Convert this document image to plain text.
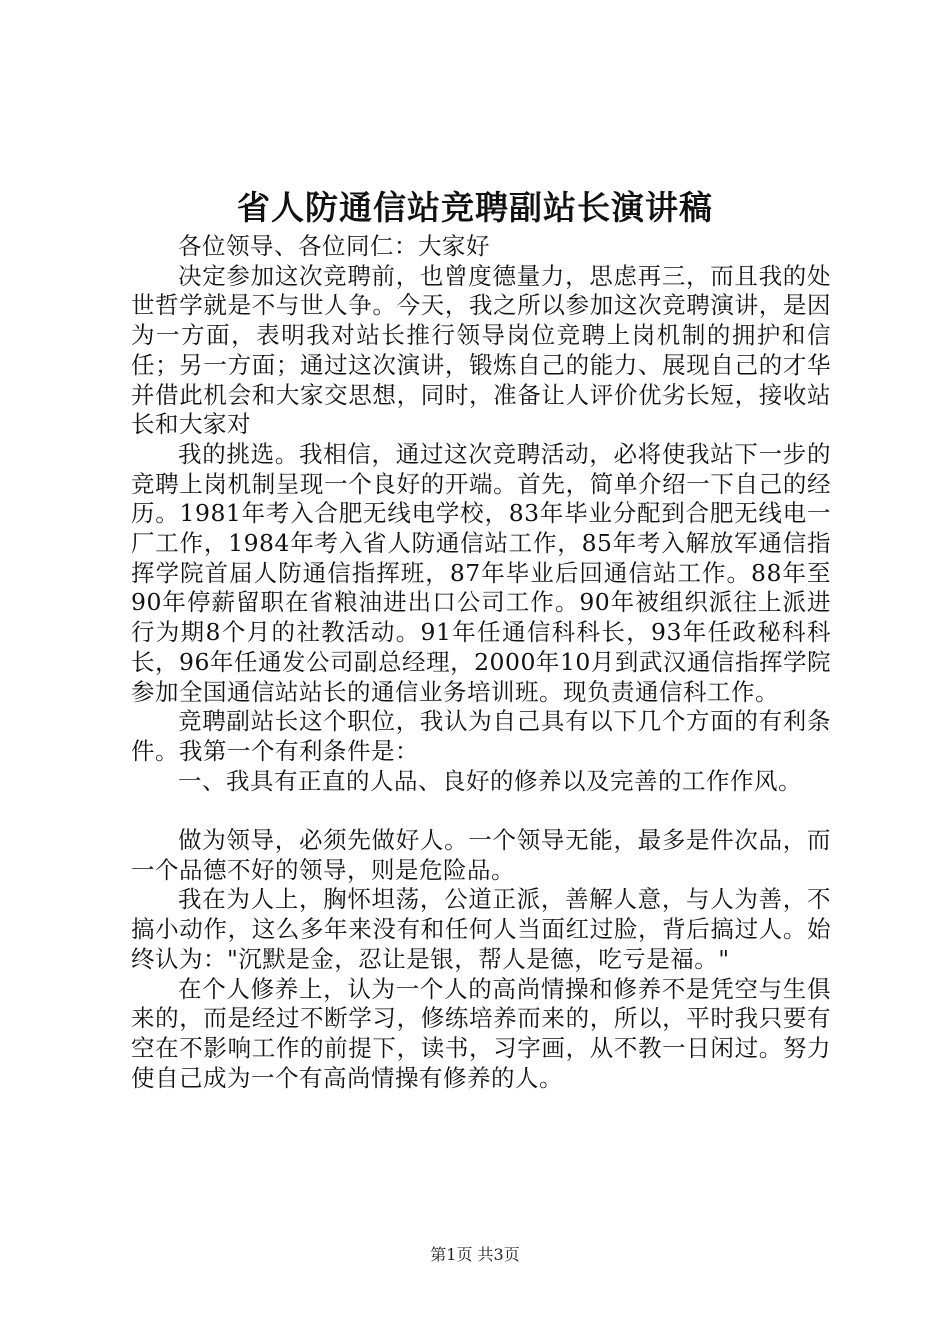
省人防通信站竞聘副站长演讲稿

各位领导、各位同仁：大家好

决定参加这次竞聘前，也曾度德量力，思虑再三，而且我的处世哲学就是不与世人争。今天，我之所以参加这次竞聘演讲，是因为一方面，表明我对站长推行领导岗位竞聘上岗机制的拥护和信任；另一方面；通过这次演讲，锻炼自己的能力、展现自己的才华并借此机会和大家交思想，同时，准备让人评价优劣长短，接收站长和大家对

我的挑选。我相信，通过这次竞聘活动，必将使我站下一步的竞聘上岗机制呈现一个良好的开端。首先，简单介绍一下自己的经历。1981年考入合肥无线电学校，83年毕业分配到合肥无线电一厂工作，1984年考入省人防通信站工作，85年考入解放军通信指挥学院首届人防通信指挥班，87年毕业后回通信站工作。88年至90年停薪留职在省粮油进出口公司工作。90年被组织派往上派进行为期8个月的社教活动。91年任通信科科长，93年任政秘科科长，96年任通发公司副总经理，2000年10月到武汉通信指挥学院参加全国通信站站长的通信业务培训班。现负责通信科工作。

竞聘副站长这个职位，我认为自己具有以下几个方面的有利条件。我第一个有利条件是：

一、我具有正直的人品、良好的修养以及完善的工作作风。

做为领导，必须先做好人。一个领导无能，最多是件次品，而一个品德不好的领导，则是危险品。

我在为人上，胸怀坦荡，公道正派，善解人意，与人为善，不搞小动作，这么多年来没有和任何人当面红过脸，背后搞过人。始终认为："沉默是金，忍让是银，帮人是德，吃亏是福。"

在个人修养上，认为一个人的高尚情操和修养不是凭空与生俱来的，而是经过不断学习，修练培养而来的，所以，平时我只要有空在不影响工作的前提下，读书，习字画，从不教一日闲过。努力使自己成为一个有高尚情操有修养的人。

第1页 共3页
